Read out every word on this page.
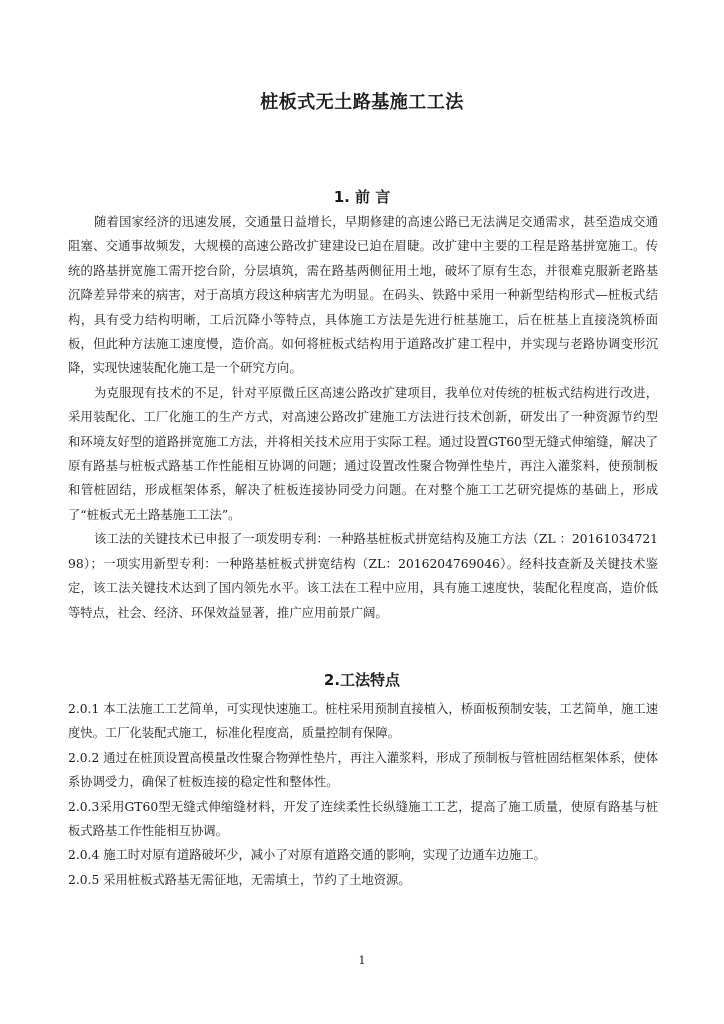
桩板式无土路基施工工法
1. 前 言

随着国家经济的迅速发展，交通量日益增长，早期修建的高速公路已无法满足交通需求，甚至造成交通阻塞、交通事故频发，大规模的高速公路改扩建建设已迫在眉睫。改扩建中主要的工程是路基拼宽施工。传统的路基拼宽施工需开挖台阶，分层填筑，需在路基两侧征用土地，破坏了原有生态，并很难克服新老路基沉降差异带来的病害，对于高填方段这种病害尤为明显。在码头、铁路中采用一种新型结构形式—桩板式结构，具有受力结构明晰，工后沉降小等特点，具体施工方法是先进行桩基施工，后在桩基上直接浇筑桥面板，但此种方法施工速度慢，造价高。如何将桩板式结构用于道路改扩建工程中，并实现与老路协调变形沉降，实现快速装配化施工是一个研究方向。

为克服现有技术的不足，针对平原微丘区高速公路改扩建项目，我单位对传统的桩板式结构进行改进，采用装配化、工厂化施工的生产方式，对高速公路改扩建施工方法进行技术创新，研发出了一种资源节约型和环境友好型的道路拼宽施工方法，并将相关技术应用于实际工程。通过设置GT60型无缝式伸缩缝，解决了原有路基与桩板式路基工作性能相互协调的问题；通过设置改性聚合物弹性垫片，再注入灌浆料，使预制板和管桩固结，形成框架体系，解决了桩板连接协同受力问题。在对整个施工工艺研究提炼的基础上，形成了“桩板式无土路基施工工法”。

该工法的关键技术已申报了一项发明专利：一种路基桩板式拼宽结构及施工方法（ZL ：2016103472198）；一项实用新型专利：一种路基桩板式拼宽结构（ZL：2016204769046）。经科技查新及关键技术鉴定，该工法关键技术达到了国内领先水平。该工法在工程中应用，具有施工速度快，装配化程度高，造价低等特点，社会、经济、环保效益显著，推广应用前景广阔。

2.工法特点

2.0.1 本工法施工工艺简单，可实现快速施工。桩柱采用预制直接植入，桥面板预制安装，工艺简单，施工速度快。工厂化装配式施工，标准化程度高，质量控制有保障。

2.0.2 通过在桩顶设置高模量改性聚合物弹性垫片，再注入灌浆料，形成了预制板与管桩固结框架体系，使体系协调受力，确保了桩板连接的稳定性和整体性。

2.0.3采用GT60型无缝式伸缩缝材料，开发了连续柔性长纵缝施工工艺，提高了施工质量，使原有路基与桩板式路基工作性能相互协调。

2.0.4 施工时对原有道路破坏少，减小了对原有道路交通的影响，实现了边通车边施工。

2.0.5 采用桩板式路基无需征地，无需填土，节约了土地资源。

1
